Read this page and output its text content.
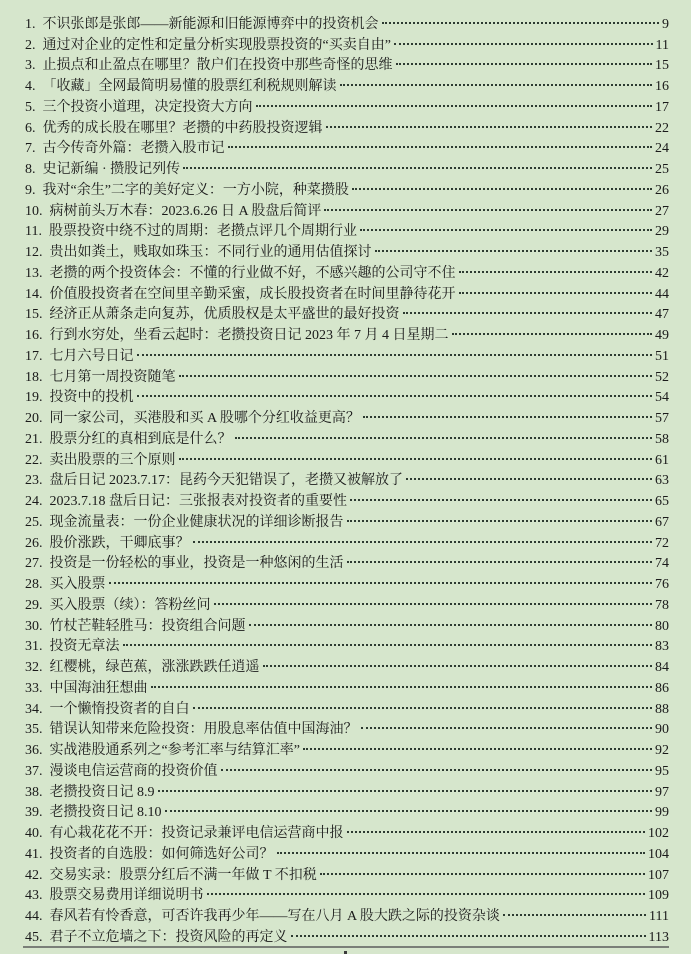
1. 不识张郎是张郎——新能源和旧能源博弈中的投资机会	9
2. 通过对企业的定性和定量分析实现股票投资的“买卖自由”	11
3. 止损点和止盈点在哪里？散户们在投资中那些奇怪的思维	15
4. 「收藏」全网最简明易懂的股票红利税规则解读	16
5. 三个投资小道理，决定投资大方向	17
6. 优秀的成长股在哪里？老攒的中药股投资逻辑	22
7. 古今传奇外篇：老攒入股市记	24
8. 史记新编 · 攒股记列传	25
9. 我对“余生”二字的美好定义：一方小院，种菜攒股	26
10. 病树前头万木春：2023.6.26 日 A 股盘后简评	27
11. 股票投资中绕不过的周期：老攒点评几个周期行业	29
12. 贵出如粪土，贱取如珠玉：不同行业的通用估值探讨	35
13. 老攒的两个投资体会：不懂的行业做不好，不感兴趣的公司守不住	42
14. 价值股投资者在空间里辛勤采蜜，成长股投资者在时间里静待花开	44
15. 经济正从萧条走向复苏，优质股权是太平盛世的最好投资	47
16. 行到水穷处，坐看云起时：老攒投资日记 2023 年 7 月 4 日星期二	49
17. 七月六号日记	51
18. 七月第一周投资随笔	52
19. 投资中的投机	54
20. 同一家公司，买港股和买 A 股哪个分红收益更高？	57
21. 股票分红的真相到底是什么？	58
22. 卖出股票的三个原则	61
23. 盘后日记 2023.7.17：昆药今天犯错误了，老攒又被解放了	63
24. 2023.7.18 盘后日记：三张报表对投资者的重要性	65
25. 现金流量表：一份企业健康状况的详细诊断报告	67
26. 股价涨跌，干卿底事？	72
27. 投资是一份轻松的事业，投资是一种悠闲的生活	74
28. 买入股票	76
29. 买入股票（续）：答粉丝问	78
30. 竹杖芒鞋轻胜马：投资组合问题	80
31. 投资无章法	83
32. 红樱桃，绿芭蕉，涨涨跌跌任逍遥	84
33. 中国海油狂想曲	86
34. 一个懒惰投资者的自白	88
35. 错误认知带来危险投资：用股息率估值中国海油？	90
36. 实战港股通系列之“参考汇率与结算汇率”	92
37. 漫谈电信运营商的投资价值	95
38. 老攒投资日记 8.9	97
39. 老攒投资日记 8.10	99
40. 有心栽花花不开：投资记录兼评电信运营商中报	102
41. 投资者的自选股：如何筛选好公司？	104
42. 交易实录：股票分红后不满一年做 T 不扣税	107
43. 股票交易费用详细说明书	109
44. 春风若有怜香意，可否许我再少年——写在八月 A 股大跌之际的投资杂谈	111
45. 君子不立危墙之下：投资风险的再定义	113
